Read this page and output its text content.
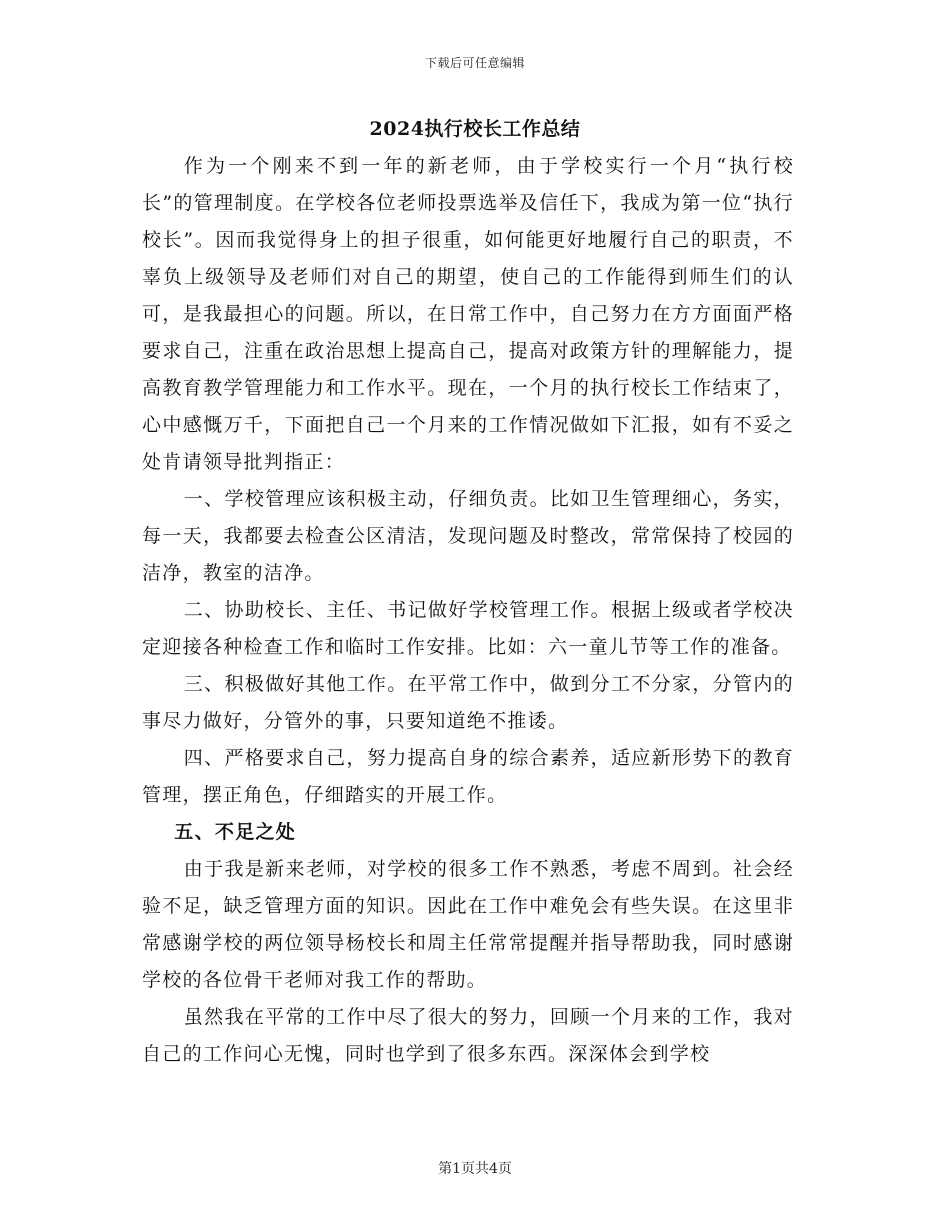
下载后可任意编辑
2024执行校长工作总结

作为一个刚来不到一年的新老师，由于学校实行一个月“执行校长”的管理制度。在学校各位老师投票选举及信任下，我成为第一位“执行校长”。因而我觉得身上的担子很重，如何能更好地履行自己的职责，不辜负上级领导及老师们对自己的期望，使自己的工作能得到师生们的认可，是我最担心的问题。所以，在日常工作中，自己努力在方方面面严格要求自己，注重在政治思想上提高自己，提高对政策方针的理解能力，提高教育教学管理能力和工作水平。现在，一个月的执行校长工作结束了，心中感慨万千，下面把自己一个月来的工作情况做如下汇报，如有不妥之处肯请领导批判指正：

一、学校管理应该积极主动，仔细负责。比如卫生管理细心，务实，每一天，我都要去检查公区清洁，发现问题及时整改，常常保持了校园的洁净，教室的洁净。

二、协助校长、主任、书记做好学校管理工作。根据上级或者学校决定迎接各种检查工作和临时工作安排。比如：六一童儿节等工作的准备。

三、积极做好其他工作。在平常工作中，做到分工不分家，分管内的事尽力做好，分管外的事，只要知道绝不推诿。

四、严格要求自己，努力提高自身的综合素养，适应新形势下的教育管理，摆正角色，仔细踏实的开展工作。

五、不足之处

由于我是新来老师，对学校的很多工作不熟悉，考虑不周到。社会经验不足，缺乏管理方面的知识。因此在工作中难免会有些失误。在这里非常感谢学校的两位领导杨校长和周主任常常提醒并指导帮助我，同时感谢学校的各位骨干老师对我工作的帮助。

虽然我在平常的工作中尽了很大的努力，回顾一个月来的工作，我对自己的工作问心无愧，同时也学到了很多东西。深深体会到学校

第1页共4页
